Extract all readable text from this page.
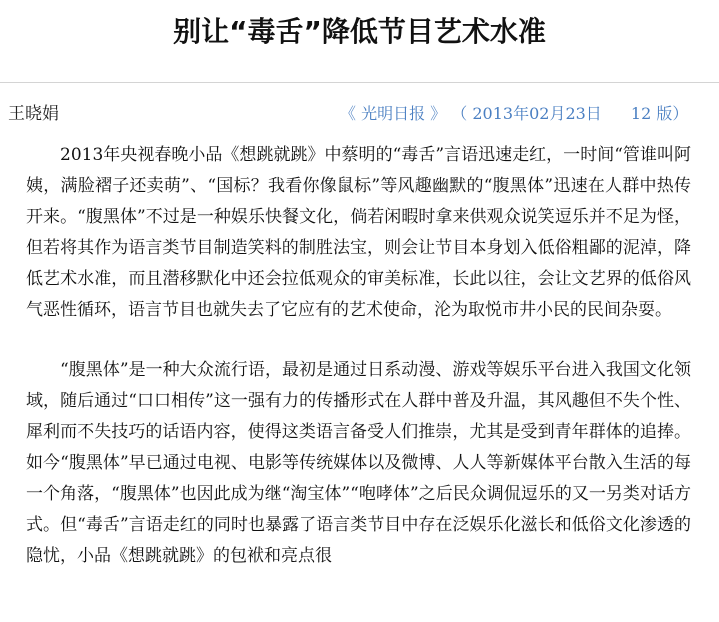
别让“毒舌”降低节目艺术水准
王晓娟	《 光明日报 》 （ 2013年02月23日 12 版）

2013年央视春晚小品《想跳就跳》中蔡明的“毒舌”言语迅速走红，一时间“管谁叫阿姨，满脸褶子还卖萌”、“国标？我看你像鼠标”等风趣幽默的“腹黑体”迅速在人群中热传开来。“腹黑体”不过是一种娱乐快餐文化，倘若闲暇时拿来供观众说笑逗乐并不足为怪，但若将其作为语言类节目制造笑料的制胜法宝，则会让节目本身划入低俗粗鄙的泥淖，降低艺术水准，而且潜移默化中还会拉低观众的审美标准，长此以往，会让文艺界的低俗风气恶性循环，语言节目也就失去了它应有的艺术使命，沦为取悦市井小民的民间杂耍。

“腹黑体”是一种大众流行语，最初是通过日系动漫、游戏等娱乐平台进入我国文化领域，随后通过“口口相传”这一强有力的传播形式在人群中普及升温，其风趣但不失个性、犀利而不失技巧的话语内容，使得这类语言备受人们推崇，尤其是受到青年群体的追捧。如今“腹黑体”早已通过电视、电影等传统媒体以及微博、人人等新媒体平台散入生活的每一个角落，“腹黑体”也因此成为继“淘宝体”“咆哮体”之后民众调侃逗乐的又一另类对话方式。但“毒舌”言语走红的同时也暴露了语言类节目中存在泛娱乐化滋长和低俗文化渗透的隐忧，小品《想跳就跳》的包袱和亮点很
